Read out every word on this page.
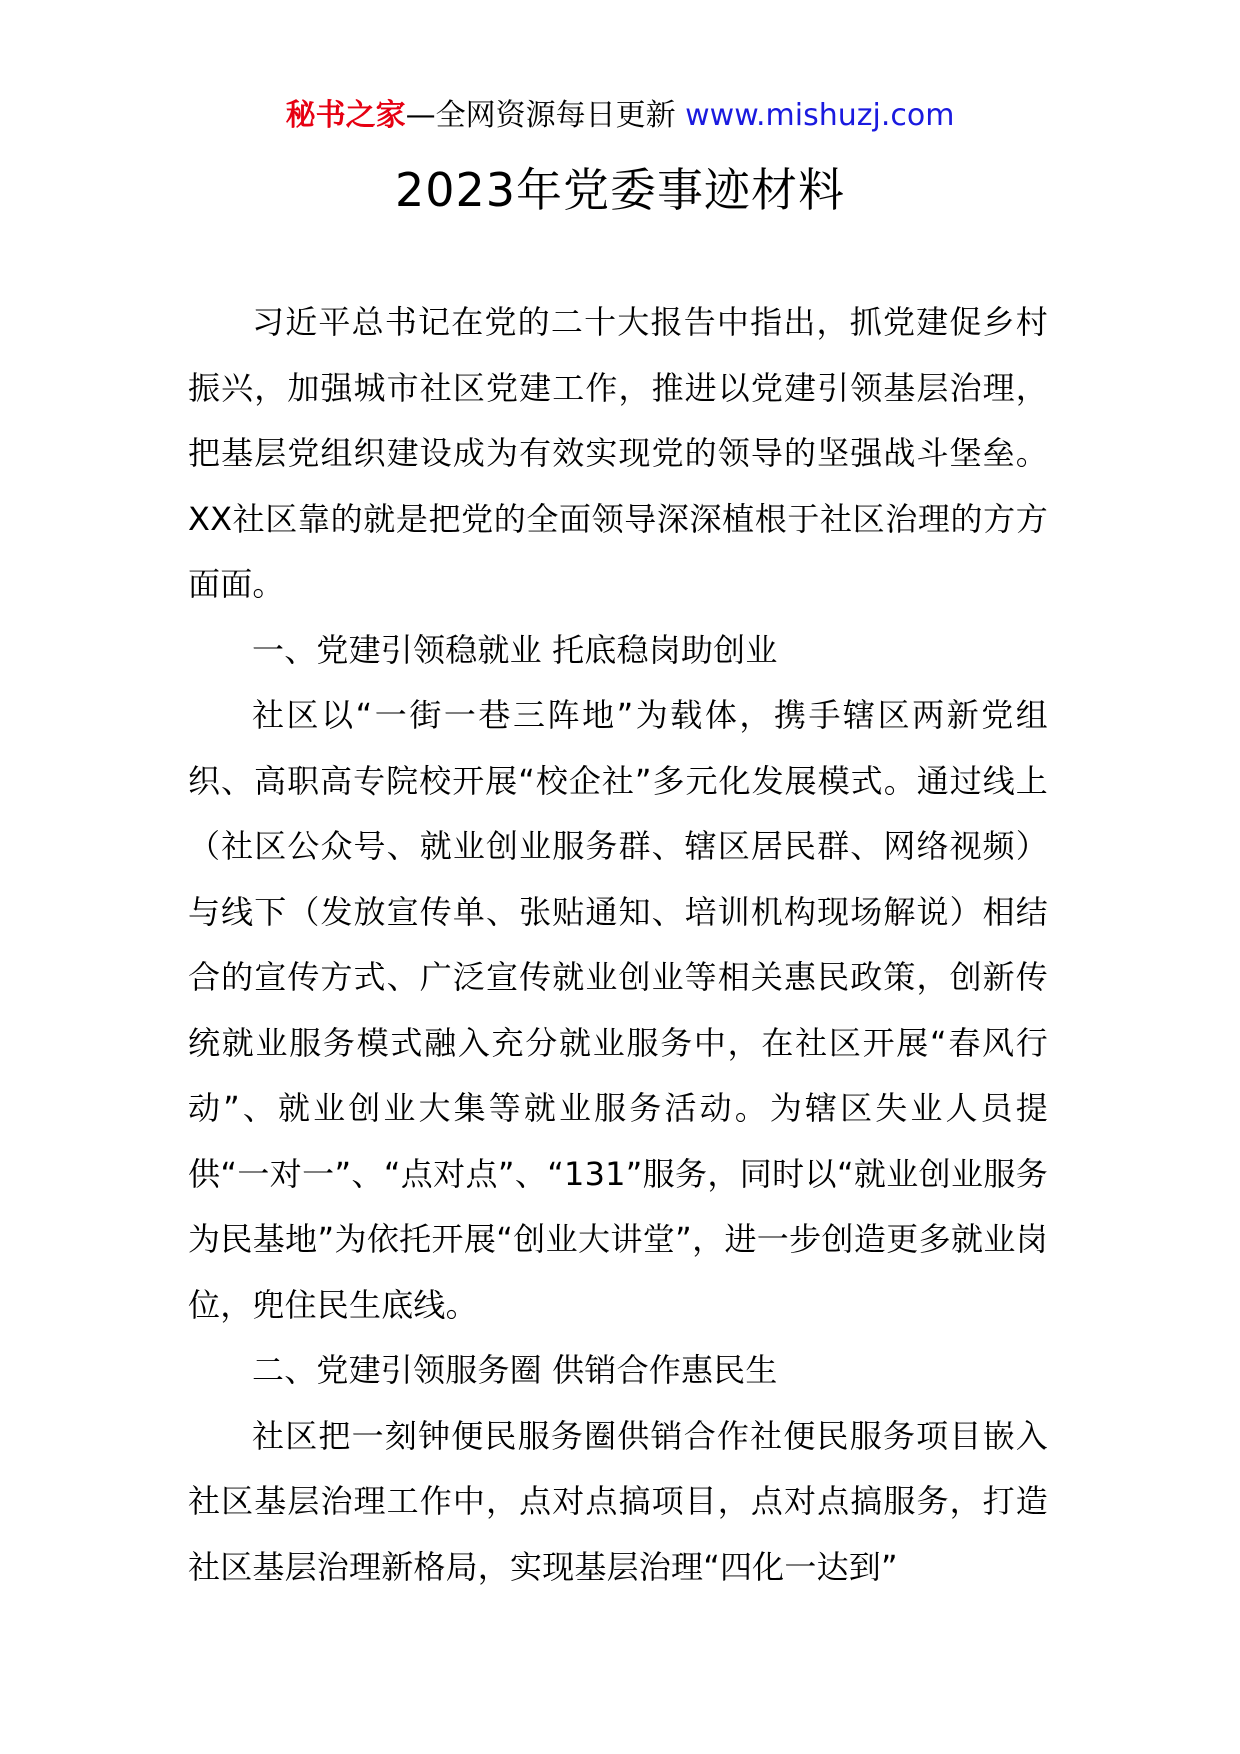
秘书之家—全网资源每日更新 www.mishuzj.com
2023年党委事迹材料

习近平总书记在党的二十大报告中指出，抓党建促乡村振兴，加强城市社区党建工作，推进以党建引领基层治理，把基层党组织建设成为有效实现党的领导的坚强战斗堡垒。XX社区靠的就是把党的全面领导深深植根于社区治理的方方面面。

一、党建引领稳就业 托底稳岗助创业

社区以“一街一巷三阵地”为载体，携手辖区两新党组织、高职高专院校开展“校企社”多元化发展模式。通过线上（社区公众号、就业创业服务群、辖区居民群、网络视频）与线下（发放宣传单、张贴通知、培训机构现场解说）相结合的宣传方式、广泛宣传就业创业等相关惠民政策，创新传统就业服务模式融入充分就业服务中，在社区开展“春风行动”、就业创业大集等就业服务活动。为辖区失业人员提供“一对一”、“点对点”、“131”服务，同时以“就业创业服务为民基地”为依托开展“创业大讲堂”，进一步创造更多就业岗位，兜住民生底线。

二、党建引领服务圈 供销合作惠民生

社区把一刻钟便民服务圈供销合作社便民服务项目嵌入社区基层治理工作中，点对点搞项目，点对点搞服务，打造社区基层治理新格局，实现基层治理“四化一达到”
